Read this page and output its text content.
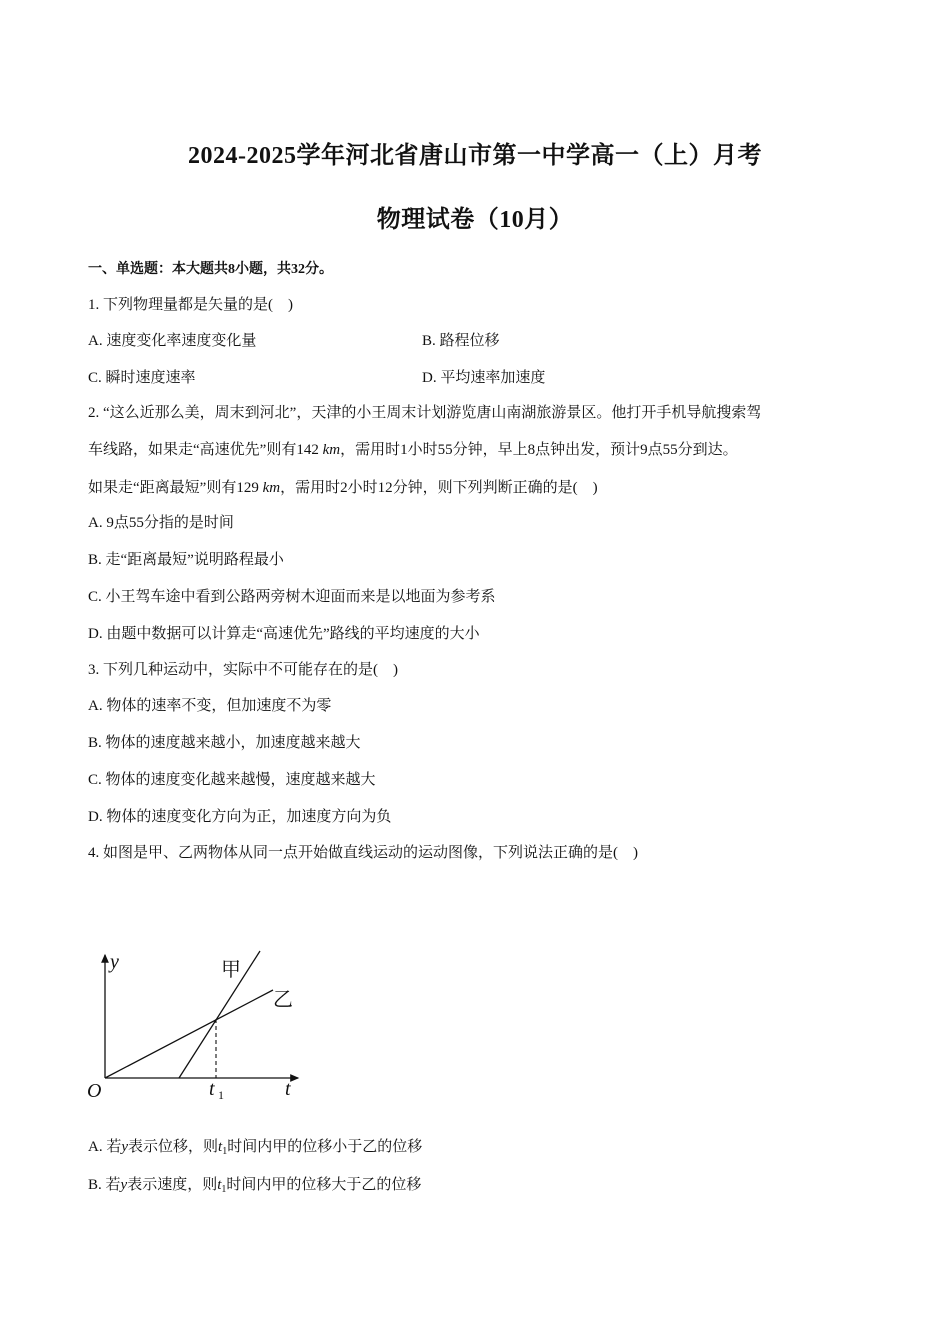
2024-2025学年河北省唐山市第一中学高一（上）月考
物理试卷（10月）
一、单选题：本大题共8小题，共32分。
1. 下列物理量都是矢量的是( )
A. 速度变化率速度变化量	B. 路程位移
C. 瞬时速度速率	D. 平均速率加速度
2. “这么近那么美，周末到河北”，天津的小王周末计划游览唐山南湖旅游景区。他打开手机导航搜索驾
车线路，如果走“高速优先”则有142 km，需用时1小时55分钟，早上8点钟出发，预计9点55分到达。
如果走“距离最短”则有129 km，需用时2小时12分钟，则下列判断正确的是( )
A. 9点55分指的是时间
B. 走“距离最短”说明路程最小
C. 小王驾车途中看到公路两旁树木迎面而来是以地面为参考系
D. 由题中数据可以计算走“高速优先”路线的平均速度的大小
3. 下列几种运动中，实际中不可能存在的是( )
A. 物体的速率不变，但加速度不为零
B. 物体的速度越来越小，加速度越来越大
C. 物体的速度变化越来越慢，速度越来越大
D. 物体的速度变化方向为正，加速度方向为负
4. 如图是甲、乙两物体从同一点开始做直线运动的运动图像，下列说法正确的是( )
y
t
O	t 1
甲
乙
A. 若y表示位移，则$t_1$时间内甲的位移小于乙的位移
B. 若y表示速度，则$t_1$时间内甲的位移大于乙的位移
